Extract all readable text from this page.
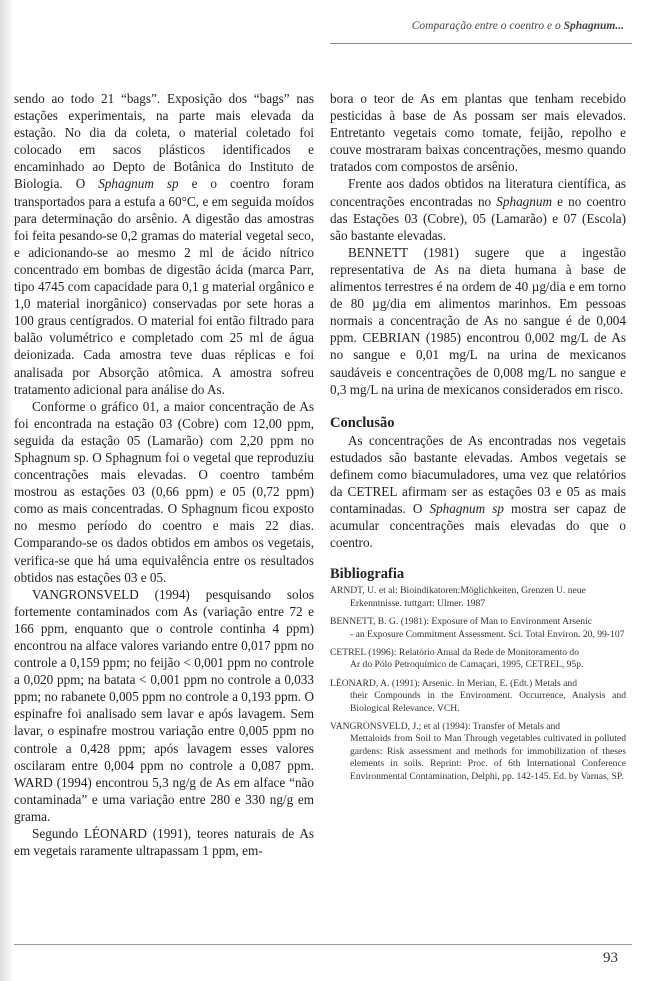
Comparação entre o coentro e o Sphagnum...

sendo ao todo 21 “bags”. Exposição dos “bags” nas estações experimentais, na parte mais elevada da estação. No dia da coleta, o material coletado foi colocado em sacos plásticos identificados e encaminhado ao Depto de Botânica do Instituto de Biologia. O Sphagnum sp e o coentro foram transportados para a estufa a 60°C, e em seguida moídos para determinação do arsênio. A digestão das amostras foi feita pesando-se 0,2 gramas do material vegetal seco, e adicionando-se ao mesmo 2 ml de ácido nítrico concentrado em bombas de digestão ácida (marca Parr, tipo 4745 com capacidade para 0,1 g material orgânico e 1,0 material inorgânico) conservadas por sete horas a 100 graus centígrados. O material foi então filtrado para balão volumétrico e completado com 25 ml de água deionizada. Cada amostra teve duas réplicas e foi analisada por Absorção atômica. A amostra sofreu tratamento adicional para análise do As.

Conforme o gráfico 01, a maior concentração de As foi encontrada na estação 03 (Cobre) com 12,00 ppm, seguida da estação 05 (Lamarão) com 2,20 ppm no Sphagnum sp. O Sphagnum foi o vegetal que reproduziu concentrações mais elevadas. O coentro também mostrou as estações 03 (0,66 ppm) e 05 (0,72 ppm) como as mais concentradas. O Sphagnum ficou exposto no mesmo período do coentro e mais 22 dias. Comparando-se os dados obtidos em ambos os vegetais, verifica-se que há uma equivalência entre os resultados obtidos nas estações 03 e 05.

VANGRONSVELD (1994) pesquisando solos fortemente contaminados com As (variação entre 72 e 166 ppm, enquanto que o controle continha 4 ppm) encontrou na alface valores variando entre 0,017 ppm no controle a 0,159 ppm; no feijão < 0,001 ppm no controle a 0,020 ppm; na batata < 0,001 ppm no controle a 0,033 ppm; no rabanete 0,005 ppm no controle a 0,193 ppm. O espinafre foi analisado sem lavar e após lavagem. Sem lavar, o espinafre mostrou variação entre 0,005 ppm no controle a 0,428 ppm; após lavagem esses valores oscilaram entre 0,004 ppm no controle a 0,087 ppm. WARD (1994) encontrou 5,3 ng/g de As em alface “não contaminada” e uma variação entre 280 e 330 ng/g em grama.

Segundo LÉONARD (1991), teores naturais de As em vegetais raramente ultrapassam 1 ppm, em-

bora o teor de As em plantas que tenham recebido pesticidas à base de As possam ser mais elevados. Entretanto vegetais como tomate, feijão, repolho e couve mostraram baixas concentrações, mesmo quando tratados com compostos de arsênio.

Frente aos dados obtidos na literatura científica, as concentrações encontradas no Sphagnum e no coentro das Estações 03 (Cobre), 05 (Lamarão) e 07 (Escola) são bastante elevadas.

BENNETT (1981) sugere que a ingestão representativa de As na dieta humana à base de alimentos terrestres é na ordem de 40 µg/dia e em torno de 80 µg/dia em alimentos marinhos. Em pessoas normais a concentração de As no sangue é de 0,004 ppm. CEBRIAN (1985) encontrou 0,002 mg/L de As no sangue e 0,01 mg/L na urina de mexicanos saudáveis e concentrações de 0,008 mg/L no sangue e 0,3 mg/L na urina de mexicanos considerados em risco.

Conclusão

As concentrações de As encontradas nos vegetais estudados são bastante elevadas. Ambos vegetais se definem como biacumuladores, uma vez que relatórios da CETREL afirmam ser as estações 03 e 05 as mais contaminadas. O Sphagnum sp mostra ser capaz de acumular concentrações mais elevadas do que o coentro.

Bibliografia
ARNDT, U. et al: Bioindikatoren:Möglichkeiten, Grenzen U. neue
Erkenntnisse. tuttgart: Ulmer. 1987
BENNETT, B. G. (1981): Exposure of Man to Environment Arsenic
- an Exposure Commitment Assessment. Sci. Total Environ. 20, 99-107
CETREL (1996): Relatório Anual da Rede de Monitoramento do
Ar do Pólo Petroquímico de Camaçari, 1995, CETREL, 95p.
LÉONARD, A. (1991): Arsenic. In Merian, E. (Edt.) Metals and
their Compounds in the Environment. Occurrence, Analysis and Biological Relevance. VCH.
VANGRONSVELD, J.; et al (1994): Transfer of Metals and
Mettaloids from Soil to Man Through vegetables cultivated in polluted gardens: Risk assessment and methods for immobilization of theses elements in soils. Reprint: Proc. of 6th International Conference Environmental Contamination, Delphi, pp. 142-145. Ed. by Varnas, SP.
93
